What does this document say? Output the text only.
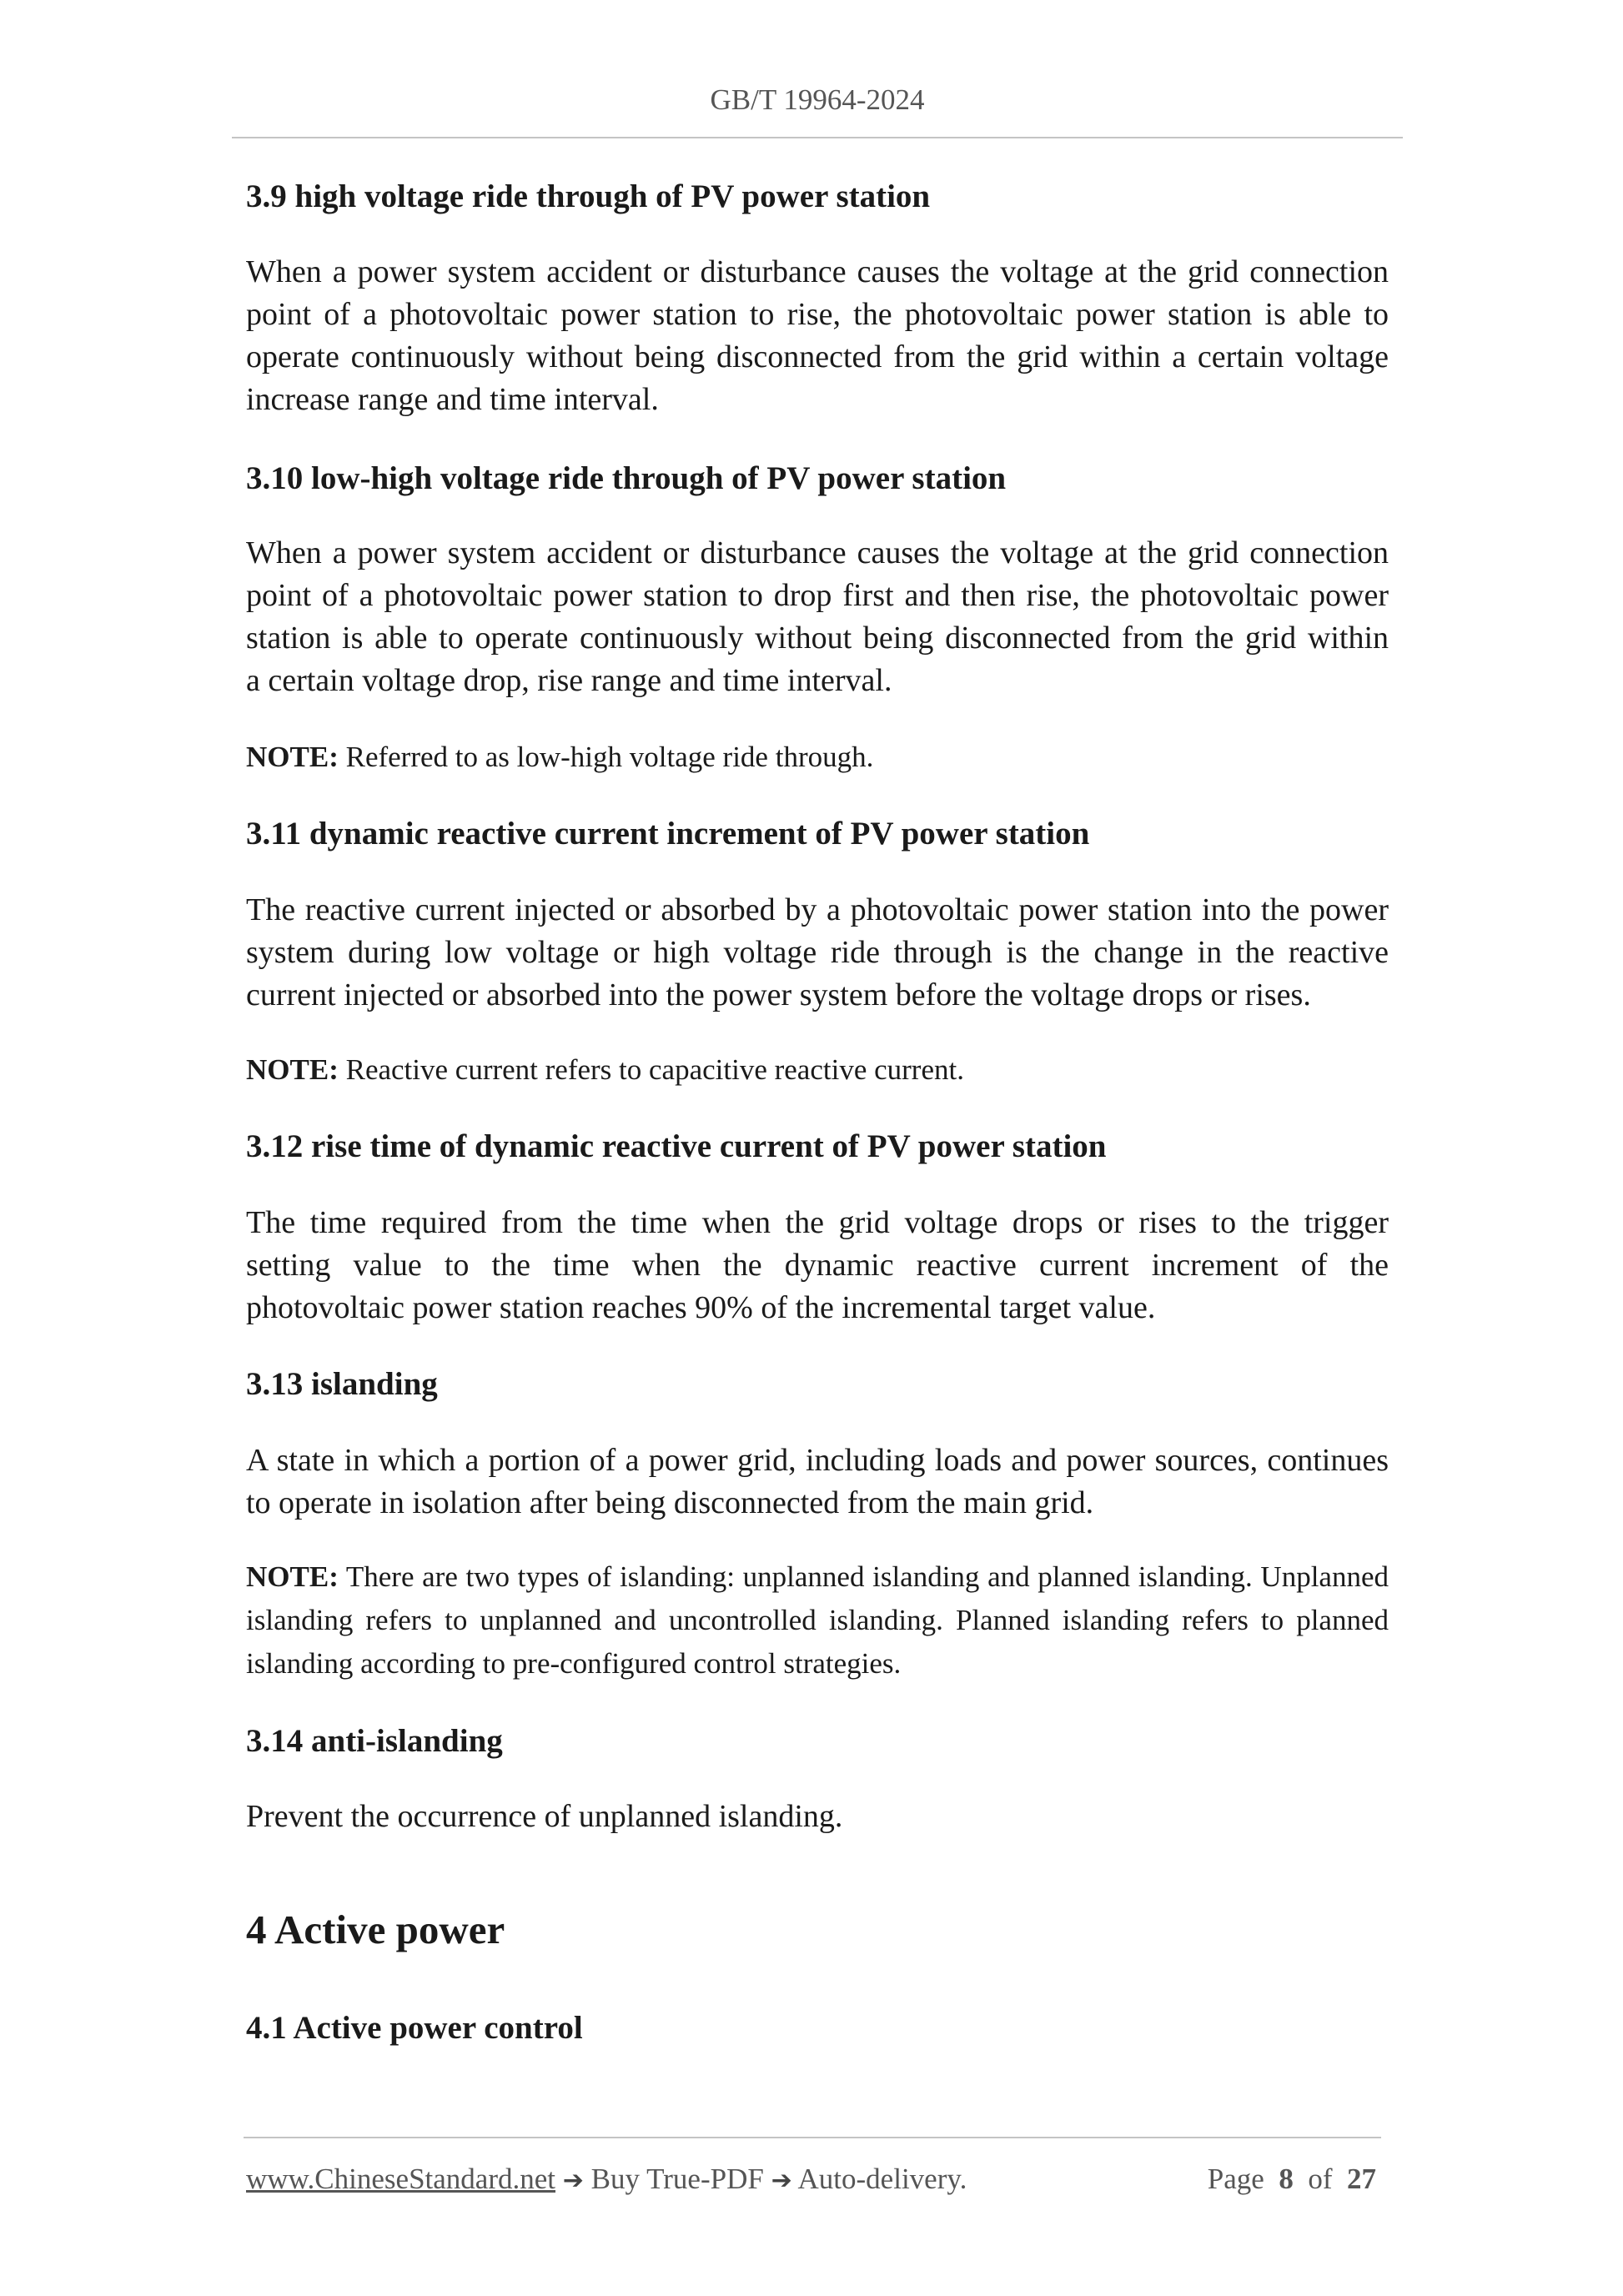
GB/T 19964-2024
3.9 high voltage ride through of PV power station
When a power system accident or disturbance causes the voltage at the grid connection
point of a photovoltaic power station to rise, the photovoltaic power station is able to
operate continuously without being disconnected from the grid within a certain voltage
increase range and time interval.
3.10 low-high voltage ride through of PV power station
When a power system accident or disturbance causes the voltage at the grid connection
point of a photovoltaic power station to drop first and then rise, the photovoltaic power
station is able to operate continuously without being disconnected from the grid within
a certain voltage drop, rise range and time interval.
NOTE: Referred to as low-high voltage ride through.
3.11 dynamic reactive current increment of PV power station
The reactive current injected or absorbed by a photovoltaic power station into the power
system during low voltage or high voltage ride through is the change in the reactive
current injected or absorbed into the power system before the voltage drops or rises.
NOTE: Reactive current refers to capacitive reactive current.
3.12 rise time of dynamic reactive current of PV power station
The time required from the time when the grid voltage drops or rises to the trigger
setting value to the time when the dynamic reactive current increment of the
photovoltaic power station reaches 90% of the incremental target value.
3.13 islanding
A state in which a portion of a power grid, including loads and power sources, continues
to operate in isolation after being disconnected from the main grid.
NOTE: There are two types of islanding: unplanned islanding and planned islanding. Unplanned
islanding refers to unplanned and uncontrolled islanding. Planned islanding refers to planned
islanding according to pre-configured control strategies.
3.14 anti-islanding
Prevent the occurrence of unplanned islanding.
4 Active power
4.1 Active power control
www.ChineseStandard.net ➔ Buy True-PDF ➔ Auto-delivery.	Page 8 of 27
